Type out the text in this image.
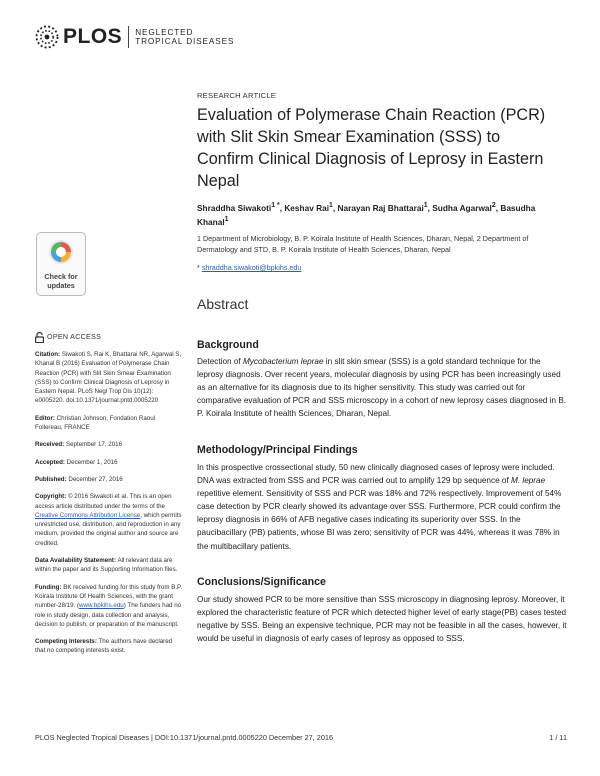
PLOS NEGLECTED
TROPICAL DISEASES
RESEARCH ARTICLE
Evaluation of Polymerase Chain Reaction (PCR) with Slit Skin Smear Examination (SSS) to Confirm Clinical Diagnosis of Leprosy in Eastern Nepal
Shraddha Siwakoti$^{1 *}$, Keshav Rai$^1$, Narayan Raj Bhattarai$^1$, Sudha Agarwal$^2$, Basudha Khanal$^1$
1 Department of Microbiology, B. P. Koirala Institute of Health Sciences, Dharan, Nepal, 2 Department of Dermatology and STD, B. P. Koirala Institute of Health Sciences, Dharan, Nepal
* shraddha.siwakoti@bpkihs.edu
Check for
updates
OPEN ACCESS
Citation: Siwakoti S, Rai K, Bhattarai NR, Agarwal S, Khanal B (2016) Evaluation of Polymerase Chain Reaction (PCR) with Slit Skin Smear Examination (SSS) to Confirm Clinical Diagnosis of Leprosy in Eastern Nepal. PLoS Negl Trop Dis 10(12): e0005220. doi:10.1371/journal.pntd.0005220
Editor: Christian Johnson, Fondation Raoul Follereau, FRANCE
Received: September 17, 2016
Accepted: December 1, 2016
Published: December 27, 2016
Copyright: © 2016 Siwakoti et al. This is an open access article distributed under the terms of the Creative Commons Attribution License, which permits unrestricted use, distribution, and reproduction in any medium, provided the original author and source are credited.
Data Availability Statement: All relevant data are within the paper and its Supporting Information files.
Funding: BK received funding for this study from B.P. Koirala Institute Of Health Sciences, with the grant number-28/19. (www.bpkihs.edu) The funders had no role in study design, data collection and analysis, decision to publish, or preparation of the manuscript.
Competing Interests: The authors have declared that no competing interests exist.
Abstract
Background
Detection of Mycobacterium leprae in slit skin smear (SSS) is a gold standard technique for the leprosy diagnosis. Over recent years, molecular diagnosis by using PCR has been increasingly used as an alternative for its diagnosis due to its higher sensitivity. This study was carried out for comparative evaluation of PCR and SSS microscopy in a cohort of new leprosy cases diagnosed in B. P. Koirala Institute of health Sciences, Dharan, Nepal.
Methodology/Principal Findings
In this prospective crossectional study, 50 new clinically diagnosed cases of leprosy were included. DNA was extracted from SSS and PCR was carried out to amplify 129 bp sequence of M. leprae repetitive element. Sensitivity of SSS and PCR was 18% and 72% respectively. Improvement of 54% case detection by PCR clearly showed its advantage over SSS. Furthermore, PCR could confirm the leprosy diagnosis in 66% of AFB negative cases indicating its superiority over SSS. In the paucibacillary (PB) patients, whose BI was zero; sensitivity of PCR was 44%, whereas it was 78% in the multibacillary patients.
Conclusions/Significance
Our study showed PCR to be more sensitive than SSS microscopy in diagnosing leprosy. Moreover, it explored the characteristic feature of PCR which detected higher level of early stage(PB) cases tested negative by SSS. Being an expensive technique, PCR may not be feasible in all the cases, however, it would be useful in diagnosis of early cases of leprosy as opposed to SSS.
PLOS Neglected Tropical Diseases | DOI:10.1371/journal.pntd.0005220 December 27, 2016	1 / 11
